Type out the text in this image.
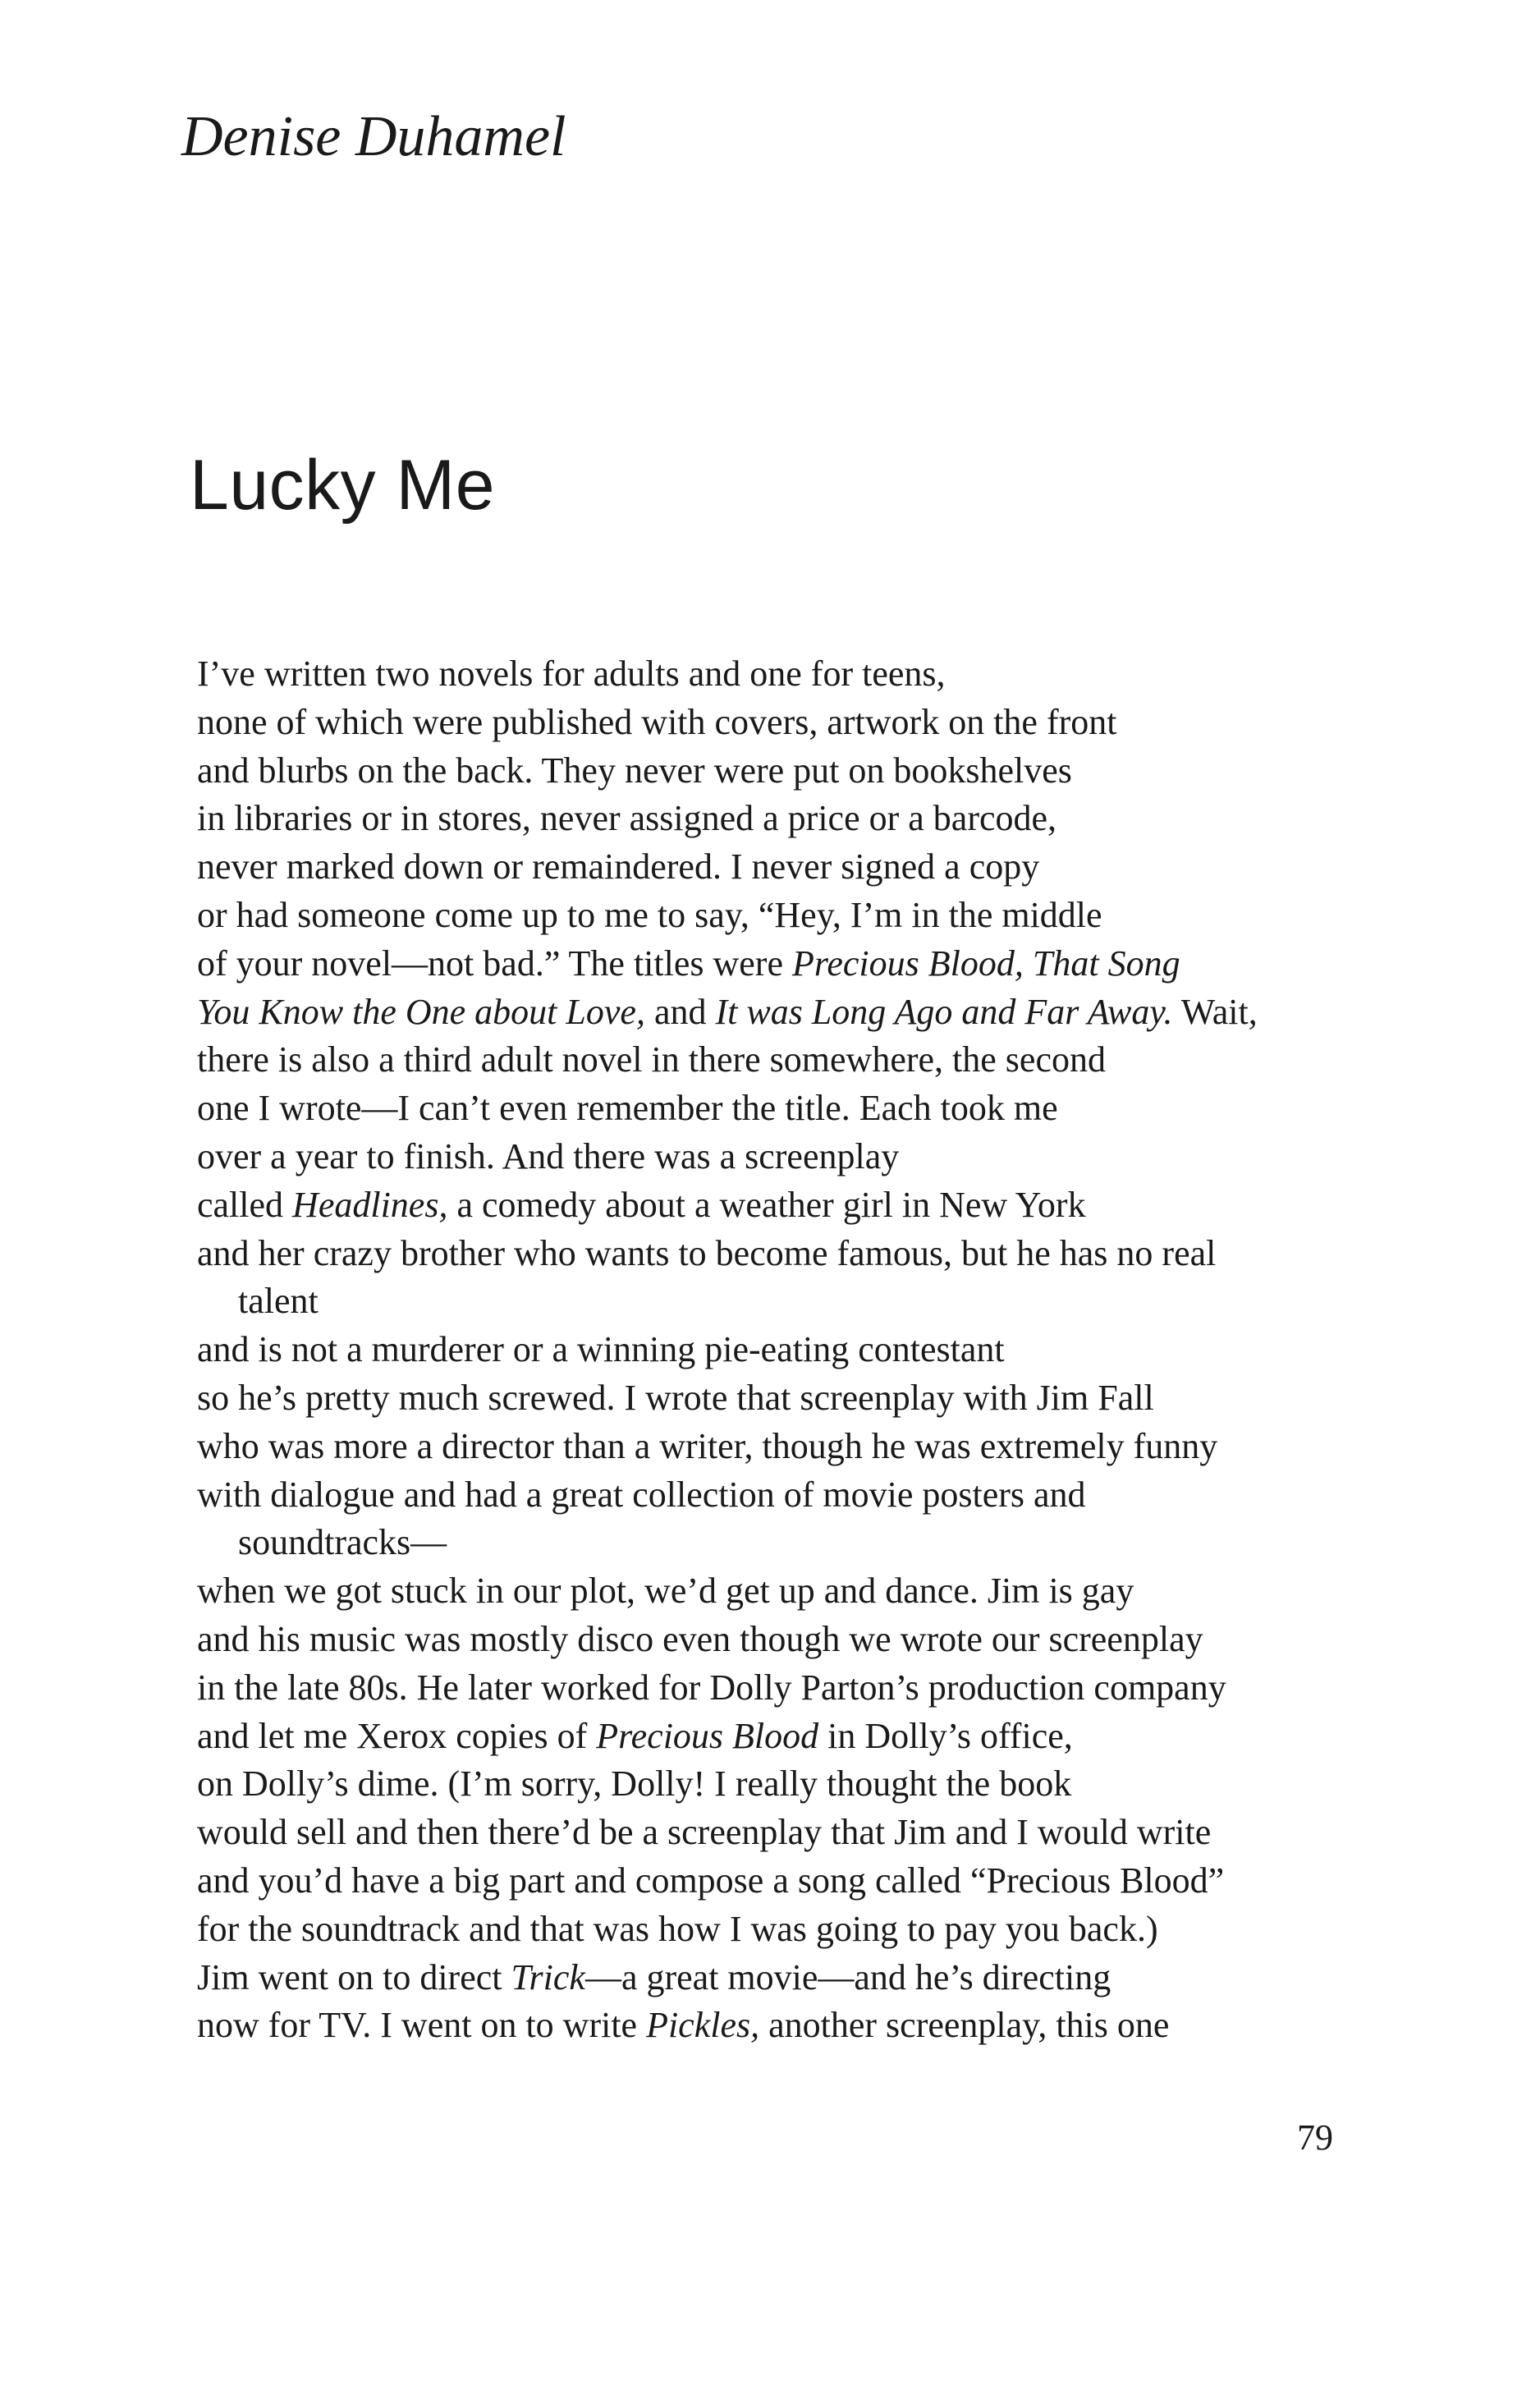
Denise Duhamel
Lucky Me
I’ve written two novels for adults and one for teens,
none of which were published with covers, artwork on the front
and blurbs on the back. They never were put on bookshelves
in libraries or in stores, never assigned a price or a barcode,
never marked down or remaindered. I never signed a copy
or had someone come up to me to say, “Hey, I’m in the middle
of your novel—not bad.” The titles were Precious Blood, That Song
You Know the One about Love, and It was Long Ago and Far Away. Wait,
there is also a third adult novel in there somewhere, the second
one I wrote—I can’t even remember the title. Each took me
over a year to finish. And there was a screenplay
called Headlines, a comedy about a weather girl in New York
and her crazy brother who wants to become famous, but he has no real
talent
and is not a murderer or a winning pie-eating contestant
so he’s pretty much screwed. I wrote that screenplay with Jim Fall
who was more a director than a writer, though he was extremely funny
with dialogue and had a great collection of movie posters and
soundtracks—
when we got stuck in our plot, we’d get up and dance. Jim is gay
and his music was mostly disco even though we wrote our screenplay
in the late 80s. He later worked for Dolly Parton’s production company
and let me Xerox copies of Precious Blood in Dolly’s office,
on Dolly’s dime. (I’m sorry, Dolly! I really thought the book
would sell and then there’d be a screenplay that Jim and I would write
and you’d have a big part and compose a song called “Precious Blood”
for the soundtrack and that was how I was going to pay you back.)
Jim went on to direct Trick—a great movie—and he’s directing
now for TV. I went on to write Pickles, another screenplay, this one
79
